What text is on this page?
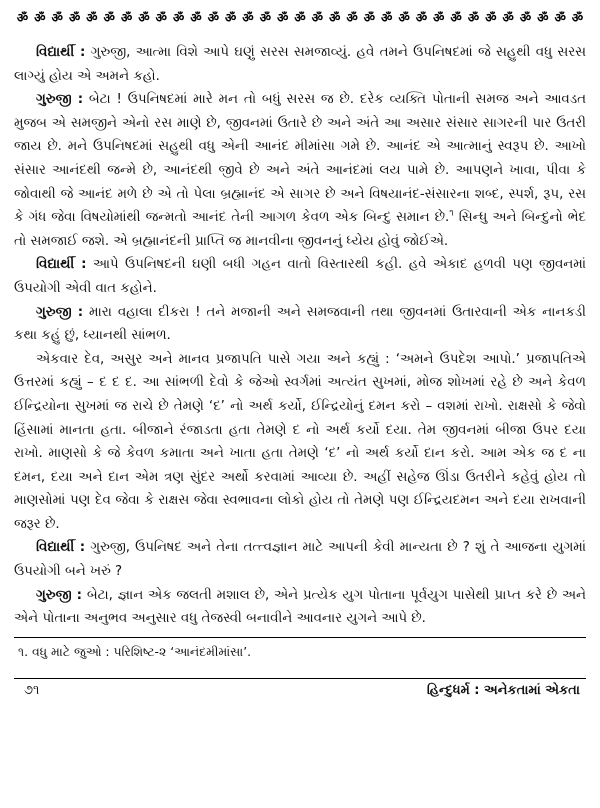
ॐ ॐ ॐ ॐ ॐ ॐ ॐ ॐ ॐ ॐ ॐ ॐ ॐ ॐ ॐ ॐ ॐ ॐ ॐ ॐ ॐ ॐ ॐ ॐ ॐ ॐ ॐ ॐ ॐ ॐ ॐ ॐ ॐ

વિદ્યાર્થી : ગુરુજી, આત્મા વિશે આપે ઘણું સરસ સમજાવ્યું. હવે તમને ઉપનિષદમાં જે સહુથી વધુ સરસ લાગ્યું હોય એ અમને કહો.

ગુરુજી : બેટા ! ઉપનિષદમાં મારે મન તો બધું સરસ જ છે. દરેક વ્યક્તિ પોતાની સમજ અને આવડત મુજબ એ સમજીને એનો રસ માણે છે, જીવનમાં ઉતારે છે અને અંતે આ અસાર સંસાર સાગરની પાર ઉતરી જાય છે. મને ઉપનિષદમાં સહુથી વધુ એની આનંદ મીમાંસા ગમે છે. આનંદ એ આત્માનું સ્વરૂપ છે. આખો સંસાર આનંદથી જન્મે છે, આનંદથી જીવે છે અને અંતે આનંદમાં લય પામે છે. આપણને ખાવા, પીવા કે જોવાથી જે આનંદ મળે છે એ તો પેલા બ્રહ્માનંદ એ સાગર છે અને વિષયાનંદ-સંસારના શબ્દ, સ્પર્શ, રૂપ, રસ કે ગંધ જેવા વિષયોમાંથી જન્મતો આનંદ તેની આગળ કેવળ એક બિન્દુ સમાન છે.$^૧$ સિન્ધુ અને બિન્દુનો ભેદ તો સમજાઈ જશે. એ બ્રહ્માનંદની પ્રાપ્તિ જ માનવીના જીવનનું ધ્યેય હોવું જોઈએ.

વિદ્યાર્થી : આપે ઉપનિષદની ઘણી બધી ગહન વાતો વિસ્તારથી કહી. હવે એકાદ હળવી પણ જીવનમાં ઉપયોગી એવી વાત કહોને.

ગુરુજી : મારા વહાલા દીકરા ! તને મજાની અને સમજવાની તથા જીવનમાં ઉતારવાની એક નાનકડી કથા કહું છું, ધ્યાનથી સાંભળ.

એકવાર દેવ, અસુર અને માનવ પ્રજાપતિ પાસે ગયા અને કહ્યું : ‘અમને ઉપદેશ આપો.’ પ્રજાપતિએ ઉત્તરમાં કહ્યું – દ દ દ. આ સાંભળી દેવો કે જેઓ સ્વર્ગમાં અત્યંત સુખમાં, મોજ શોખમાં રહે છે અને કેવળ ઈન્દ્રિયોના સુખમાં જ રાચે છે તેમણે ‘દ’ નો અર્થ કર્યો, ઈન્દ્રિયોનું દમન કરો – વશમાં રાખો. રાક્ષસો કે જેવો હિંસામાં માનતા હતા. બીજાને રંજાડતા હતા તેમણે દ નો અર્થ કર્યો દયા. તેમ જીવનમાં બીજા ઉપર દયા રાખો. માણસો કે જે કેવળ કમાતા અને ખાતા હતા તેમણે ‘દ’ નો અર્થ કર્યો દાન કરો. આમ એક જ દ ના દમન, દયા અને દાન એમ ત્રણ સુંદર અર્થો કરવામાં આવ્યા છે. અહીં સહેજ ઊંડા ઉતરીને કહેવું હોય તો માણસોમાં પણ દેવ જેવા કે રાક્ષસ જેવા સ્વભાવના લોકો હોય તો તેમણે પણ ઈન્દ્રિયદમન અને દયા રાખવાની જરૂર છે.

વિદ્યાર્થી : ગુરુજી, ઉપનિષદ અને તેના તત્ત્વજ્ઞાન માટે આપની કેવી માન્યતા છે ? શું તે આજના યુગમાં ઉપયોગી બને ખરું ?

ગુરુજી : બેટા, જ્ઞાન એક જલતી મશાલ છે, એને પ્રત્યેક યુગ પોતાના પૂર્વયુગ પાસેથી પ્રાપ્ત કરે છે અને એને પોતાના અનુભવ અનુસાર વધુ તેજસ્વી બનાવીને આવનાર યુગને આપે છે.

૧. વધુ માટે જુઓ : પરિશિષ્ટ-૨ ‘આનંદમીમાંસા’.
૭૧	હિન્દુધર્મ : અનેકતામાં એકતા
